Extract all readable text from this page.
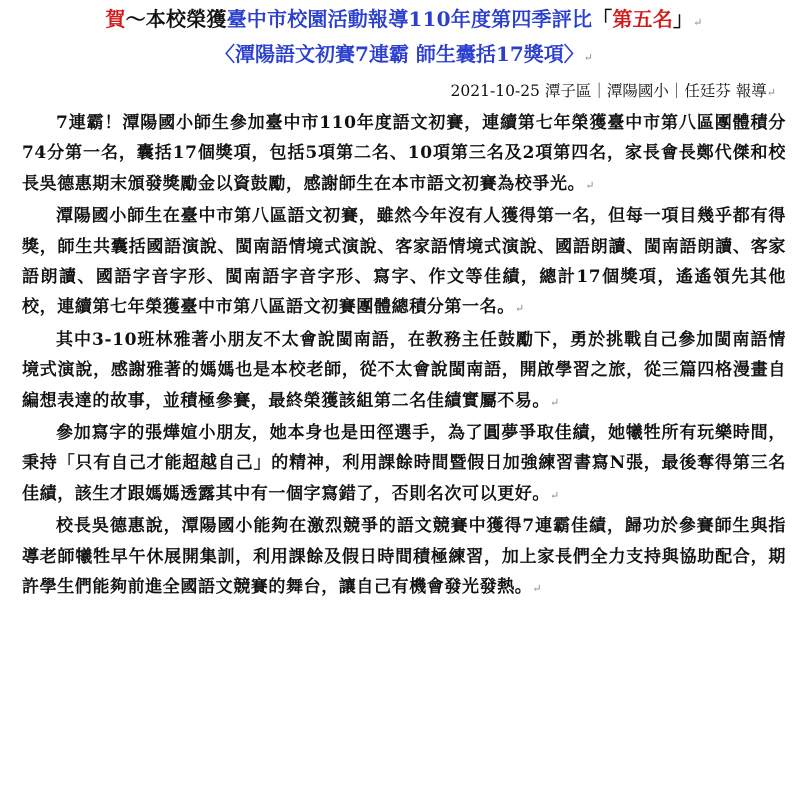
賀～本校榮獲臺中市校園活動報導110年度第四季評比「第五名」↵
〈潭陽語文初賽7連霸 師生囊括17獎項〉↵
2021-10-25 潭子區｜潭陽國小｜任廷芬 報導↵

7連霸！潭陽國小師生參加臺中市110年度語文初賽，連續第七年榮獲臺中市第八區團體積分74分第一名，囊括17個獎項，包括5項第二名、10項第三名及2項第四名，家長會長鄭代傑和校長吳德惠期末頒發獎勵金以資鼓勵，感謝師生在本市語文初賽為校爭光。↵

潭陽國小師生在臺中市第八區語文初賽，雖然今年沒有人獲得第一名，但每一項目幾乎都有得獎，師生共囊括國語演說、閩南語情境式演說、客家語情境式演說、國語朗讀、閩南語朗讀、客家語朗讀、國語字音字形、閩南語字音字形、寫字、作文等佳績，總計17個獎項，遙遙領先其他校，連續第七年榮獲臺中市第八區語文初賽團體總積分第一名。↵

其中3-10班林雅著小朋友不太會說閩南語，在教務主任鼓勵下，勇於挑戰自己參加閩南語情境式演說，感謝雅著的媽媽也是本校老師，從不太會說閩南語，開啟學習之旅，從三篇四格漫畫自編想表達的故事，並積極參賽，最終榮獲該組第二名佳績實屬不易。↵

參加寫字的張燁媗小朋友，她本身也是田徑選手，為了圓夢爭取佳績，她犧牲所有玩樂時間，秉持「只有自己才能超越自己」的精神，利用課餘時間暨假日加強練習書寫N張，最後奪得第三名佳績，該生才跟媽媽透露其中有一個字寫錯了，否則名次可以更好。↵

校長吳德惠說，潭陽國小能夠在激烈競爭的語文競賽中獲得7連霸佳績，歸功於參賽師生與指導老師犧牲早午休展開集訓，利用課餘及假日時間積極練習，加上家長們全力支持與協助配合，期許學生們能夠前進全國語文競賽的舞台，讓自己有機會發光發熱。↵
